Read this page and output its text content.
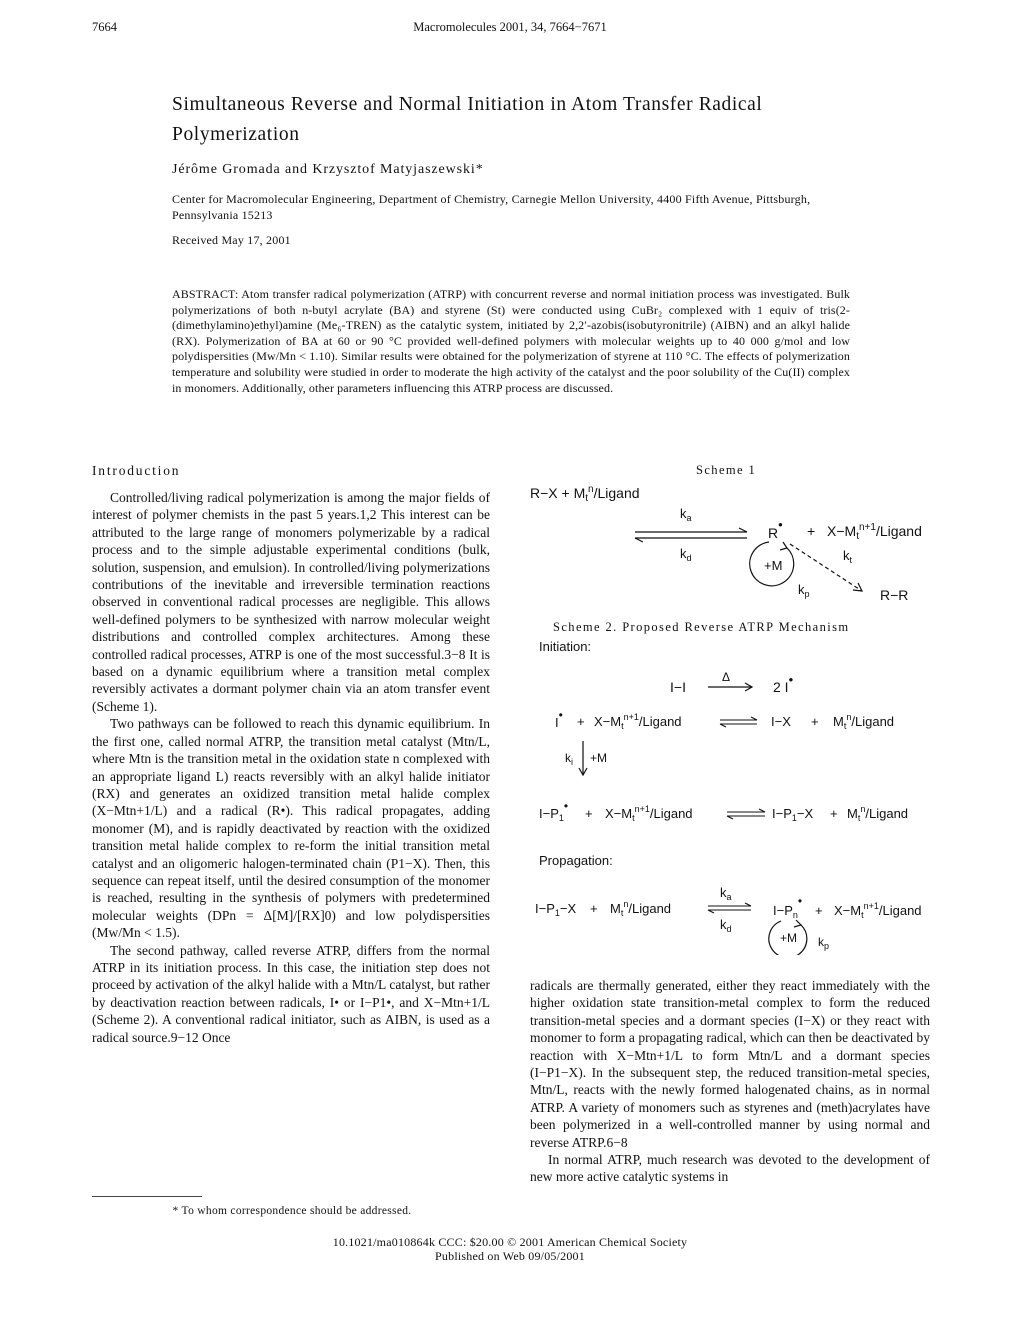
7664	Macromolecules 2001, 34, 7664−7671
Simultaneous Reverse and Normal Initiation in Atom Transfer Radical Polymerization
Jérôme Gromada and Krzysztof Matyjaszewski*
Center for Macromolecular Engineering, Department of Chemistry, Carnegie Mellon University, 4400 Fifth Avenue, Pittsburgh, Pennsylvania 15213
Received May 17, 2001
ABSTRACT: Atom transfer radical polymerization (ATRP) with concurrent reverse and normal initiation process was investigated. Bulk polymerizations of both n-butyl acrylate (BA) and styrene (St) were conducted using CuBr₂ complexed with 1 equiv of tris(2-(dimethylamino)ethyl)amine (Me₆-TREN) as the catalytic system, initiated by 2,2′-azobis(isobutyronitrile) (AIBN) and an alkyl halide (RX). Polymerization of BA at 60 or 90 °C provided well-defined polymers with molecular weights up to 40 000 g/mol and low polydispersities (Mw/Mn < 1.10). Similar results were obtained for the polymerization of styrene at 110 °C. The effects of polymerization temperature and solubility were studied in order to moderate the high activity of the catalyst and the poor solubility of the Cu(II) complex in monomers. Additionally, other parameters influencing this ATRP process are discussed.
Introduction

Controlled/living radical polymerization is among the major fields of interest of polymer chemists in the past 5 years.1,2 This interest can be attributed to the large range of monomers polymerizable by a radical process and to the simple adjustable experimental conditions (bulk, solution, suspension, and emulsion). In controlled/living polymerizations contributions of the inevitable and irreversible termination reactions observed in conventional radical processes are negligible. This allows well-defined polymers to be synthesized with narrow molecular weight distributions and controlled complex architectures. Among these controlled radical processes, ATRP is one of the most successful.3−8 It is based on a dynamic equilibrium where a transition metal complex reversibly activates a dormant polymer chain via an atom transfer event (Scheme 1).

Two pathways can be followed to reach this dynamic equilibrium. In the first one, called normal ATRP, the transition metal catalyst (Mtn/L, where Mtn is the transition metal in the oxidation state n complexed with an appropriate ligand L) reacts reversibly with an alkyl halide initiator (RX) and generates an oxidized transition metal halide complex (X−Mtn+1/L) and a radical (R•). This radical propagates, adding monomer (M), and is rapidly deactivated by reaction with the oxidized transition metal halide complex to re-form the initial transition metal catalyst and an oligomeric halogen-terminated chain (P1−X). Then, this sequence can repeat itself, until the desired consumption of the monomer is reached, resulting in the synthesis of polymers with predetermined molecular weights (DPn = Δ[M]/[RX]0) and low polydispersities (Mw/Mn < 1.5).

The second pathway, called reverse ATRP, differs from the normal ATRP in its initiation process. In this case, the initiation step does not proceed by activation of the alkyl halide with a Mtn/L catalyst, but rather by deactivation reaction between radicals, I• or I−P1•, and X−Mtn+1/L (Scheme 2). A conventional radical initiator, such as AIBN, is used as a radical source.9−12 Once

* To whom correspondence should be addressed.
Scheme 1
$R-X + M_t^n$/Ligand
$k_a$
$k_d$
R• + $X-M_t^{n+1}$/Ligand
$k_t$
R−R
+M
$k_p$
Scheme 2. Proposed Reverse ATRP Mechanism
Initiation:
Δ
I−I	2 I•
I• + $X-M_t^{n+1}$/Ligand	$I-X + M_t^n$/Ligand
$k_i +M$
$I-P_1•$ + $X-M_t^{n+1}$/Ligand	$I-P_1-X$ + $M_t^n$/Ligand
Propagation:
$k_a$
$I-P_1-X$ + $M_t^n$/Ligand
$k_d$
$I-P_n•$
+ $X-M_t^{n+1}$/Ligand
+M $k_p$

radicals are thermally generated, either they react immediately with the higher oxidation state transition-metal complex to form the reduced transition-metal species and a dormant species (I−X) or they react with monomer to form a propagating radical, which can then be deactivated by reaction with X−Mtn+1/L to form Mtn/L and a dormant species (I−P1−X). In the subsequent step, the reduced transition-metal species, Mtn/L, reacts with the newly formed halogenated chains, as in normal ATRP. A variety of monomers such as styrenes and (meth)acrylates have been polymerized in a well-controlled manner by using normal and reverse ATRP.6−8

In normal ATRP, much research was devoted to the development of new more active catalytic systems in

10.1021/ma010864k CCC: $20.00 © 2001 American Chemical Society
Published on Web 09/05/2001
